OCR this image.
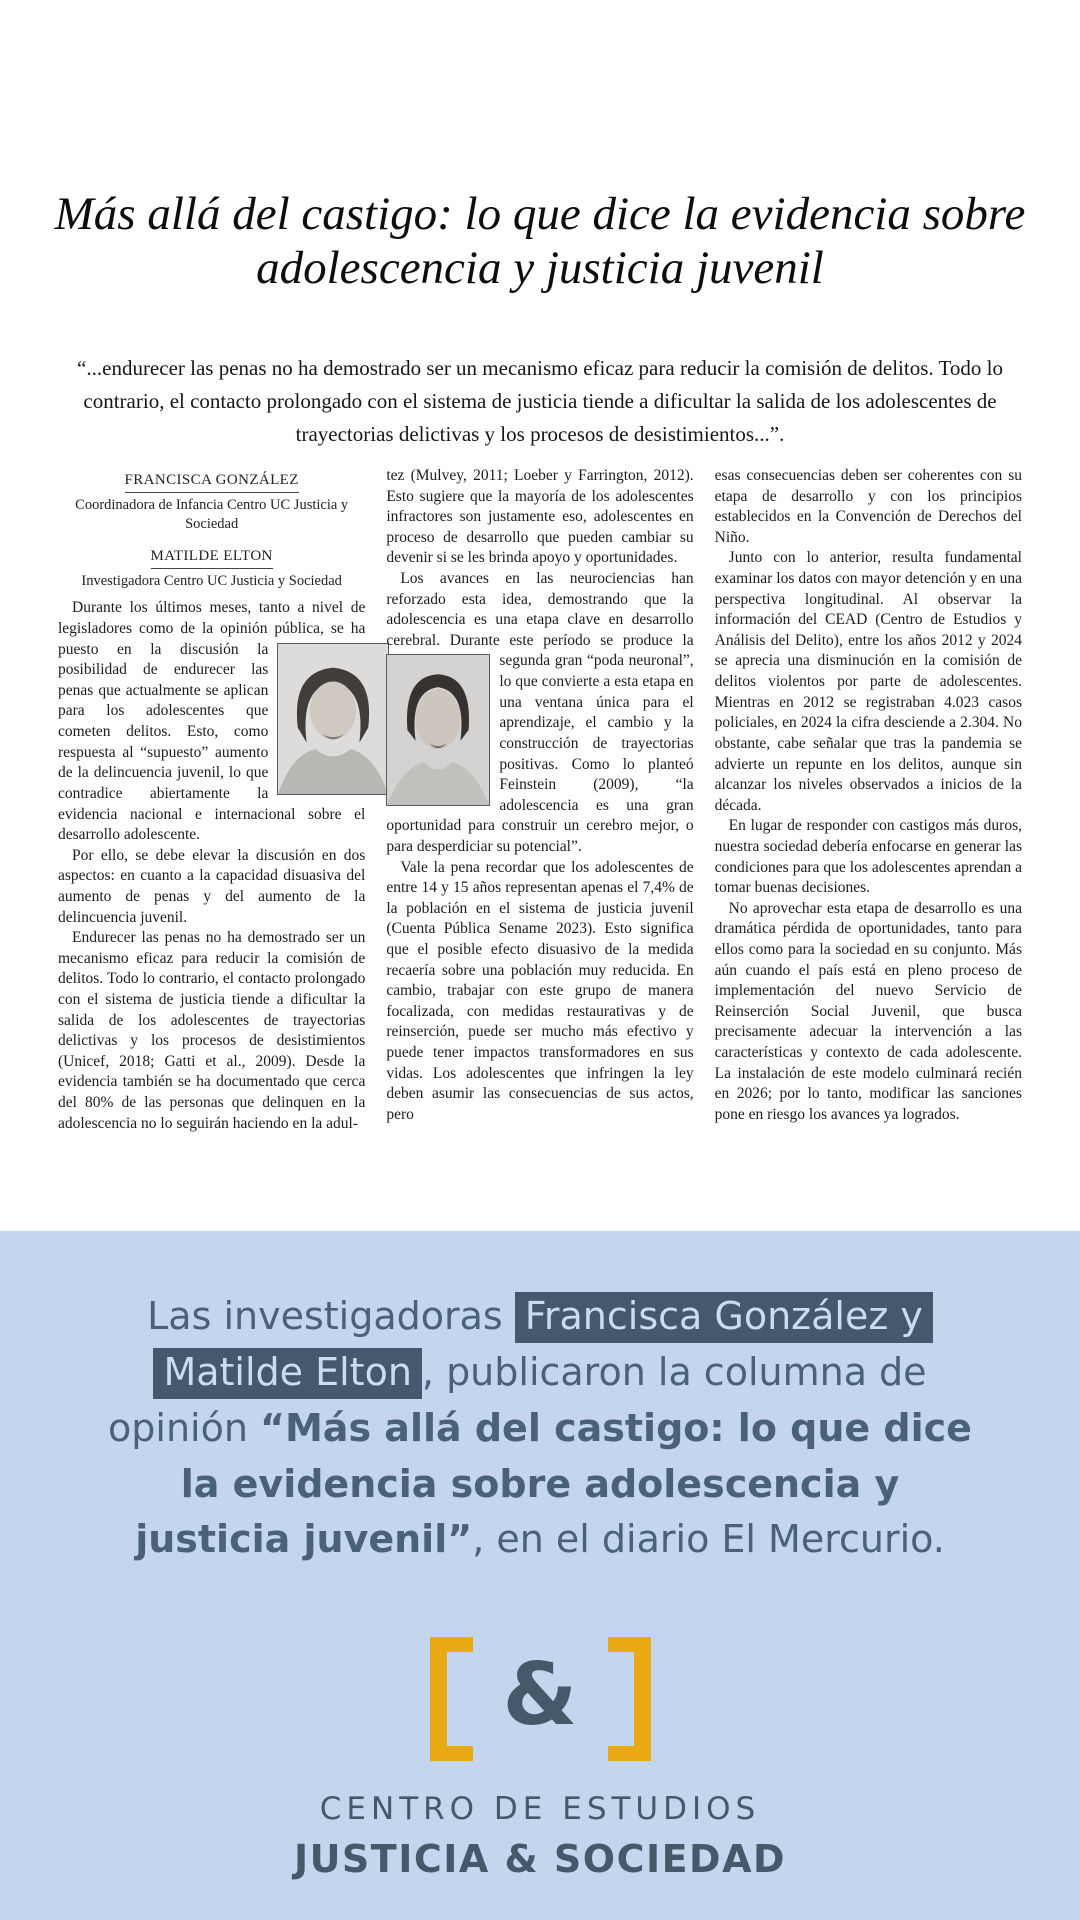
Más allá del castigo: lo que dice la evidencia sobre adolescencia y justicia juvenil
“...endurecer las penas no ha demostrado ser un mecanismo eficaz para reducir la comisión de delitos. Todo lo contrario, el contacto prolongado con el sistema de justicia tiende a dificultar la salida de los adolescentes de trayectorias delictivas y los procesos de desistimientos...”.
FRANCISCA GONZÁLEZ
Coordinadora de Infancia Centro UC Justicia y Sociedad
MATILDE ELTON
Investigadora Centro UC Justicia y Sociedad

Durante los últimos meses, tanto a nivel de legisladores como de la opinión pública, se ha puesto en la discusión la
posibilidad de endurecer las penas que actualmente se aplican para los adolescentes que cometen delitos. Esto, como respuesta al “supuesto” aumento de la delincuencia juvenil, lo que contradice abiertamente la evidencia nacional e internacional sobre el desarrollo adolescente.

Por ello, se debe elevar la discusión en dos aspectos: en cuanto a la capacidad disuasiva del aumento de penas y del aumento de la delincuencia juvenil.

Endurecer las penas no ha demostrado ser un mecanismo eficaz para reducir la comisión de delitos. Todo lo contrario, el contacto prolongado con el sistema de justicia tiende a dificultar la salida de los adolescentes de trayectorias delictivas y los procesos de desistimientos (Unicef, 2018; Gatti et al., 2009). Desde la evidencia también se ha documentado que cerca del 80% de las personas que delinquen en la adolescencia no lo seguirán haciendo en la adul-

tez (Mulvey, 2011; Loeber y Farrington, 2012). Esto sugiere que la mayoría de los adolescentes infractores son justamente eso, adolescentes en proceso de desarrollo que pueden cambiar su devenir si se les brinda apoyo y oportunidades.

Los avances en las neurociencias han reforzado esta idea, demostrando que la adolescencia es una etapa clave en desarrollo cerebral. Durante este período se
produce la segunda gran “poda neuronal”, lo que convierte a esta etapa en una ventana única para el aprendizaje, el cambio y la construcción de trayectorias positivas. Como lo planteó Feinstein (2009), “la adolescencia es una gran oportunidad para construir un cerebro mejor, o para desperdiciar su potencial”.

Vale la pena recordar que los adolescentes de entre 14 y 15 años representan apenas el 7,4% de la población en el sistema de justicia juvenil (Cuenta Pública Sename 2023). Esto significa que el posible efecto disuasivo de la medida recaería sobre una población muy reducida. En cambio, trabajar con este grupo de manera focalizada, con medidas restaurativas y de reinserción, puede ser mucho más efectivo y puede tener impactos transformadores en sus vidas. Los adolescentes que infringen la ley deben asumir las consecuencias de sus actos, pero

esas consecuencias deben ser coherentes con su etapa de desarrollo y con los principios establecidos en la Convención de Derechos del Niño.

Junto con lo anterior, resulta fundamental examinar los datos con mayor detención y en una perspectiva longitudinal. Al observar la información del CEAD (Centro de Estudios y Análisis del Delito), entre los años 2012 y 2024 se aprecia una disminución en la comisión de delitos violentos por parte de adolescentes. Mientras en 2012 se registraban 4.023 casos policiales, en 2024 la cifra desciende a 2.304. No obstante, cabe señalar que tras la pandemia se advierte un repunte en los delitos, aunque sin alcanzar los niveles observados a inicios de la década.

En lugar de responder con castigos más duros, nuestra sociedad debería enfocarse en generar las condiciones para que los adolescentes aprendan a tomar buenas decisiones.

No aprovechar esta etapa de desarrollo es una dramática pérdida de oportunidades, tanto para ellos como para la sociedad en su conjunto. Más aún cuando el país está en pleno proceso de implementación del nuevo Servicio de Reinserción Social Juvenil, que busca precisamente adecuar la intervención a las características y contexto de cada adolescente. La instalación de este modelo culminará recién en 2026; por lo tanto, modificar las sanciones pone en riesgo los avances ya logrados.

Las investigadoras Francisca González y Matilde Elton , publicaron la columna de opinión “Más allá del castigo: lo que dice la evidencia sobre adolescencia y justicia juvenil”, en el diario El Mercurio.
&
CENTRO DE ESTUDIOS
JUSTICIA & SOCIEDAD
